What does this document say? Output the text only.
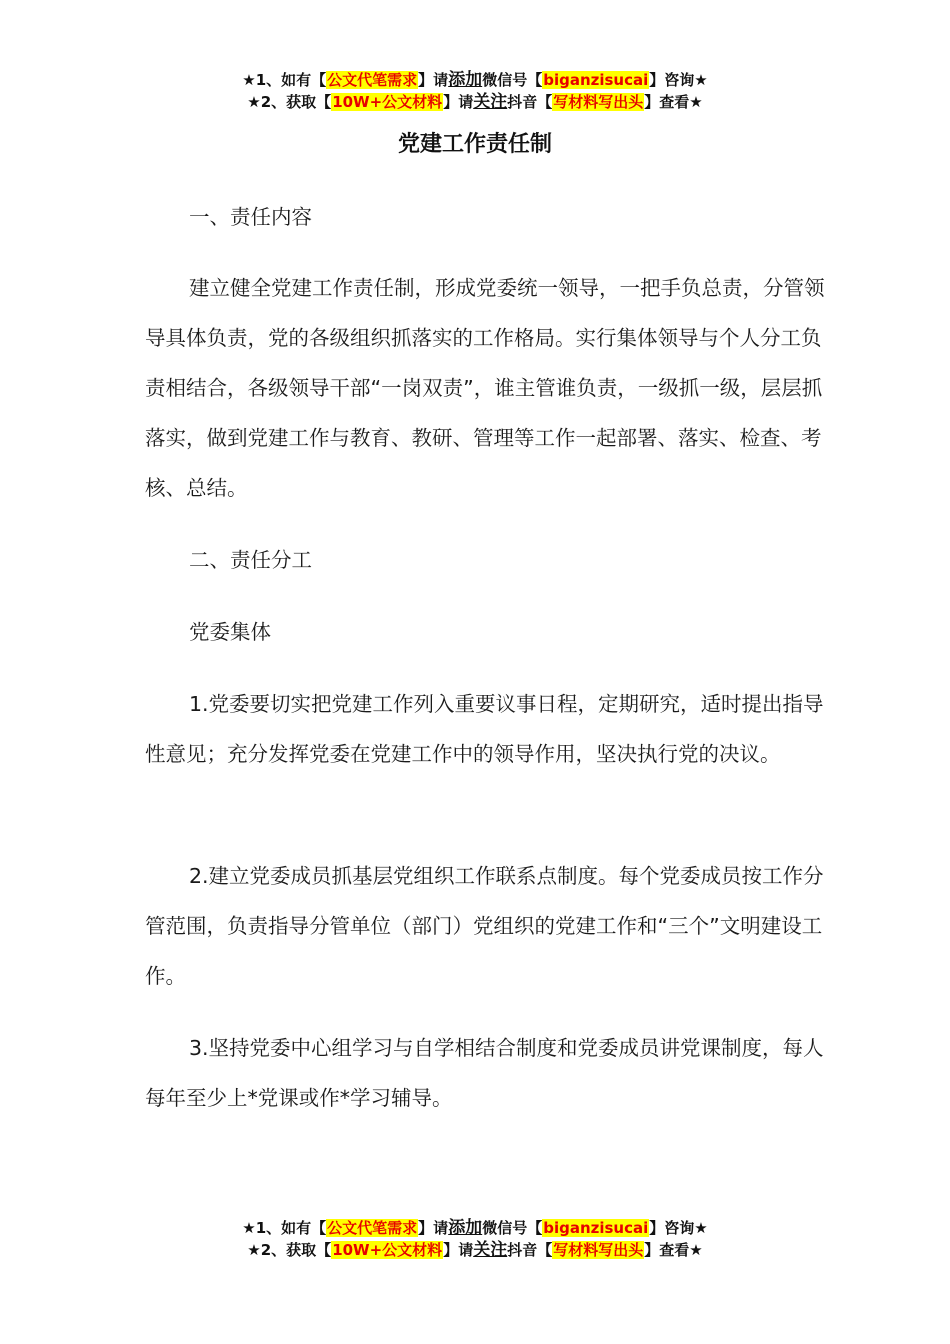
★1、如有【公文代笔需求】请添加微信号【biganzisucai】咨询★
★2、获取【10W+公文材料】请关注抖音【写材料写出头】查看★
党建工作责任制

一、责任内容

建立健全党建工作责任制，形成党委统一领导，一把手负总责，分管领导具体负责，党的各级组织抓落实的工作格局。实行集体领导与个人分工负责相结合，各级领导干部“一岗双责”，谁主管谁负责，一级抓一级，层层抓落实，做到党建工作与教育、教研、管理等工作一起部署、落实、检查、考核、总结。

二、责任分工

党委集体

1.党委要切实把党建工作列入重要议事日程，定期研究，适时提出指导性意见；充分发挥党委在党建工作中的领导作用，坚决执行党的决议。

2.建立党委成员抓基层党组织工作联系点制度。每个党委成员按工作分管范围，负责指导分管单位（部门）党组织的党建工作和“三个”文明建设工作。

3.坚持党委中心组学习与自学相结合制度和党委成员讲党课制度，每人每年至少上*党课或作*学习辅导。

★1、如有【公文代笔需求】请添加微信号【biganzisucai】咨询★
★2、获取【10W+公文材料】请关注抖音【写材料写出头】查看★
